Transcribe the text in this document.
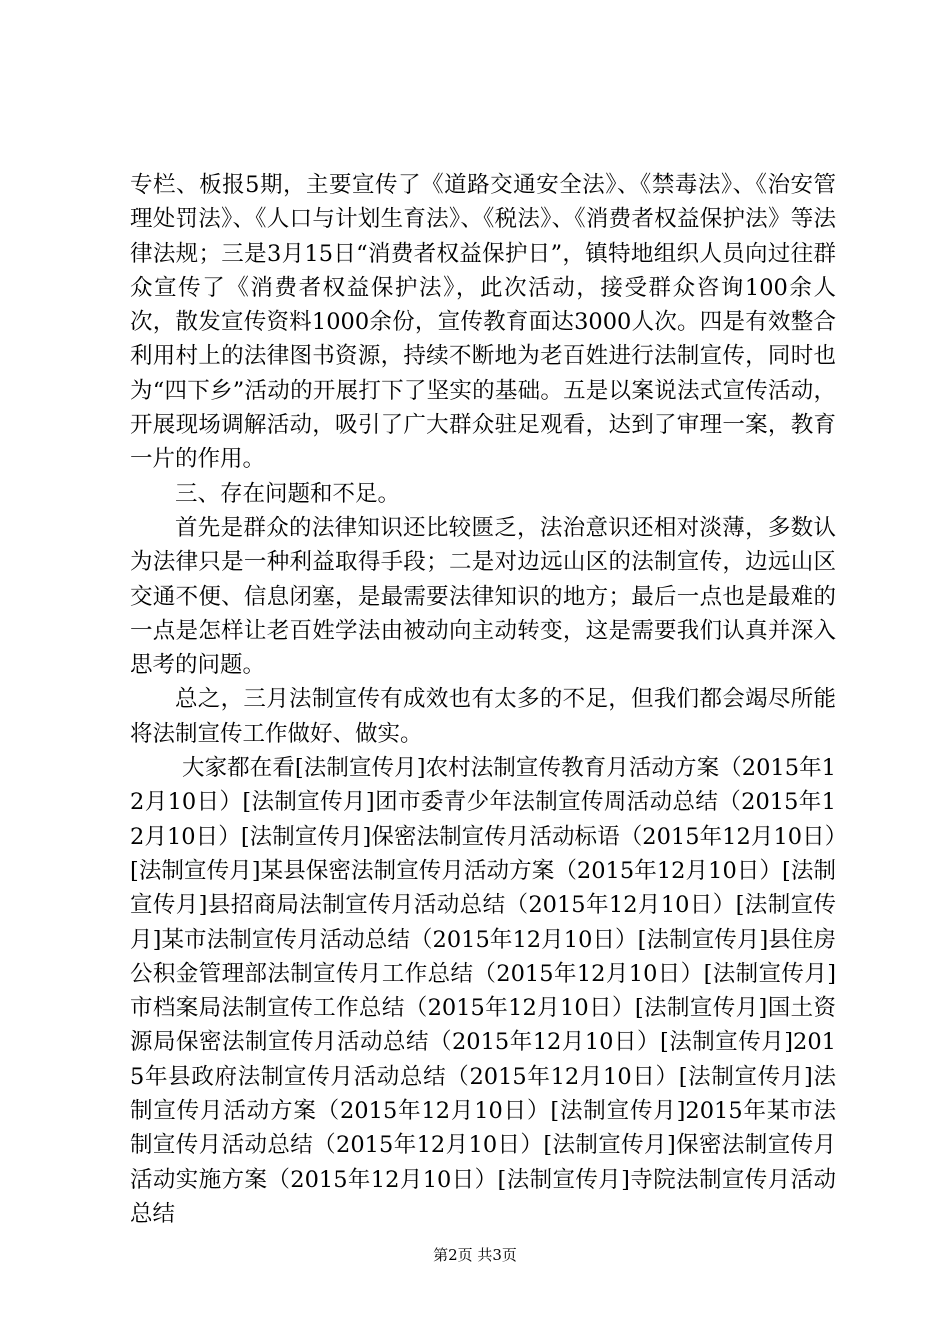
专栏、板报5期，主要宣传了《道路交通安全法》、《禁毒法》、《治安管理处罚法》、《人口与计划生育法》、《税法》、《消费者权益保护法》等法律法规；三是3月15日“消费者权益保护日”，镇特地组织人员向过往群众宣传了《消费者权益保护法》，此次活动，接受群众咨询100余人次，散发宣传资料1000余份，宣传教育面达3000人次。四是有效整合利用村上的法律图书资源，持续不断地为老百姓进行法制宣传，同时也为“四下乡”活动的开展打下了坚实的基础。五是以案说法式宣传活动，开展现场调解活动，吸引了广大群众驻足观看，达到了审理一案，教育一片的作用。

三、存在问题和不足。

首先是群众的法律知识还比较匮乏，法治意识还相对淡薄，多数认为法律只是一种利益取得手段；二是对边远山区的法制宣传，边远山区交通不便、信息闭塞，是最需要法律知识的地方；最后一点也是最难的一点是怎样让老百姓学法由被动向主动转变，这是需要我们认真并深入思考的问题。

总之，三月法制宣传有成效也有太多的不足，但我们都会竭尽所能将法制宣传工作做好、做实。

大家都在看[法制宣传月]农村法制宣传教育月活动方案（2015年12月10日）[法制宣传月]团市委青少年法制宣传周活动总结（2015年12月10日）[法制宣传月]保密法制宣传月活动标语（2015年12月10日）[法制宣传月]某县保密法制宣传月活动方案（2015年12月10日）[法制宣传月]县招商局法制宣传月活动总结（2015年12月10日）[法制宣传月]某市法制宣传月活动总结（2015年12月10日）[法制宣传月]县住房公积金管理部法制宣传月工作总结（2015年12月10日）[法制宣传月]市档案局法制宣传工作总结（2015年12月10日）[法制宣传月]国土资源局保密法制宣传月活动总结（2015年12月10日）[法制宣传月]2015年县政府法制宣传月活动总结（2015年12月10日）[法制宣传月]法制宣传月活动方案（2015年12月10日）[法制宣传月]2015年某市法制宣传月活动总结（2015年12月10日）[法制宣传月]保密法制宣传月活动实施方案（2015年12月10日）[法制宣传月]寺院法制宣传月活动总结

第2页 共3页
